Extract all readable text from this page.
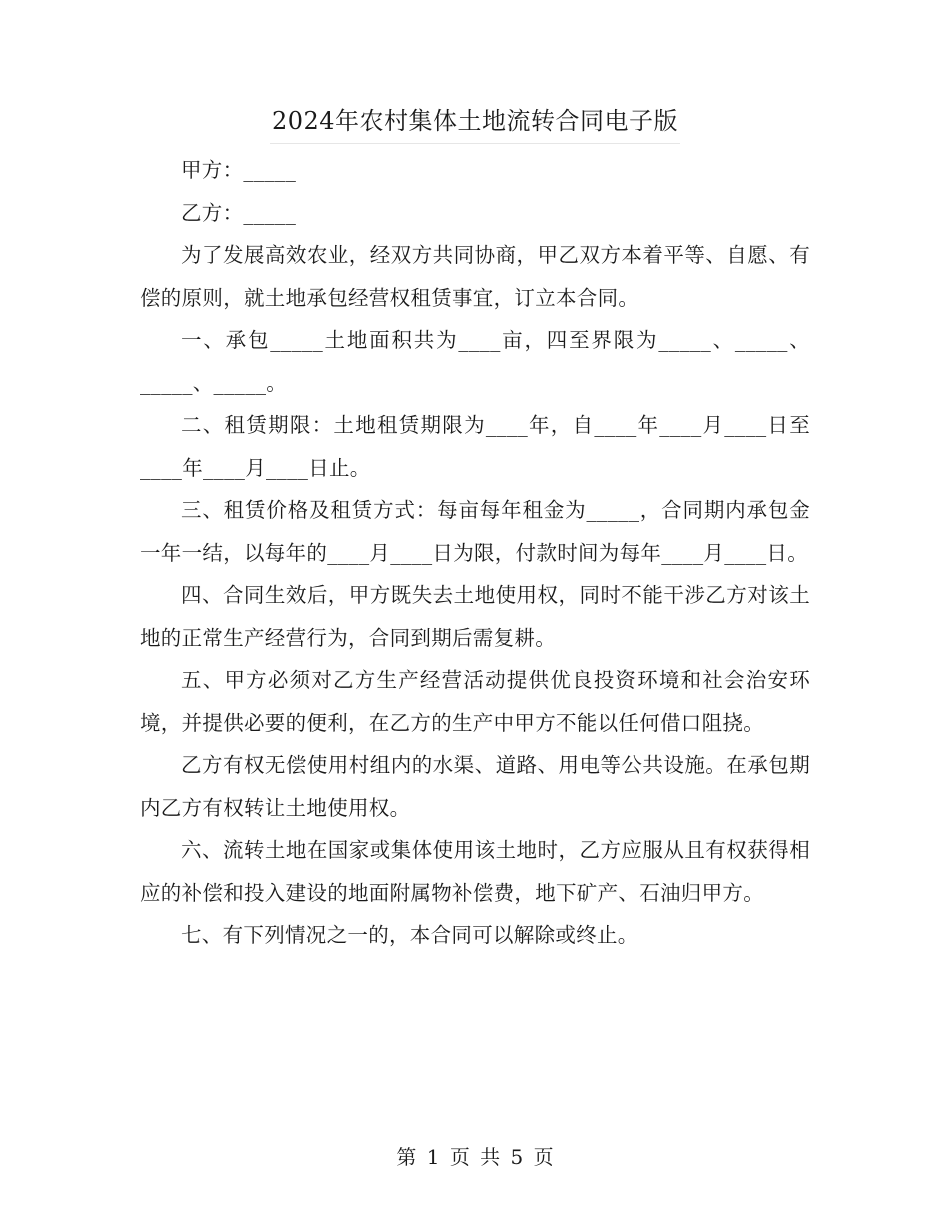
2024年农村集体土地流转合同电子版

甲方：_____

乙方：_____

为了发展高效农业，经双方共同协商，甲乙双方本着平等、自愿、有偿的原则，就土地承包经营权租赁事宜，订立本合同。

一、承包_____土地面积共为____亩，四至界限为_____、_____、_____、_____。

二、租赁期限：土地租赁期限为____年，自____年____月____日至____年____月____日止。

三、租赁价格及租赁方式：每亩每年租金为_____，合同期内承包金一年一结，以每年的____月____日为限，付款时间为每年____月____日。

四、合同生效后，甲方既失去土地使用权，同时不能干涉乙方对该土地的正常生产经营行为，合同到期后需复耕。

五、甲方必须对乙方生产经营活动提供优良投资环境和社会治安环境，并提供必要的便利，在乙方的生产中甲方不能以任何借口阻挠。

乙方有权无偿使用村组内的水渠、道路、用电等公共设施。在承包期内乙方有权转让土地使用权。

六、流转土地在国家或集体使用该土地时，乙方应服从且有权获得相应的补偿和投入建设的地面附属物补偿费，地下矿产、石油归甲方。

七、有下列情况之一的，本合同可以解除或终止。

第 1 页 共 5 页
